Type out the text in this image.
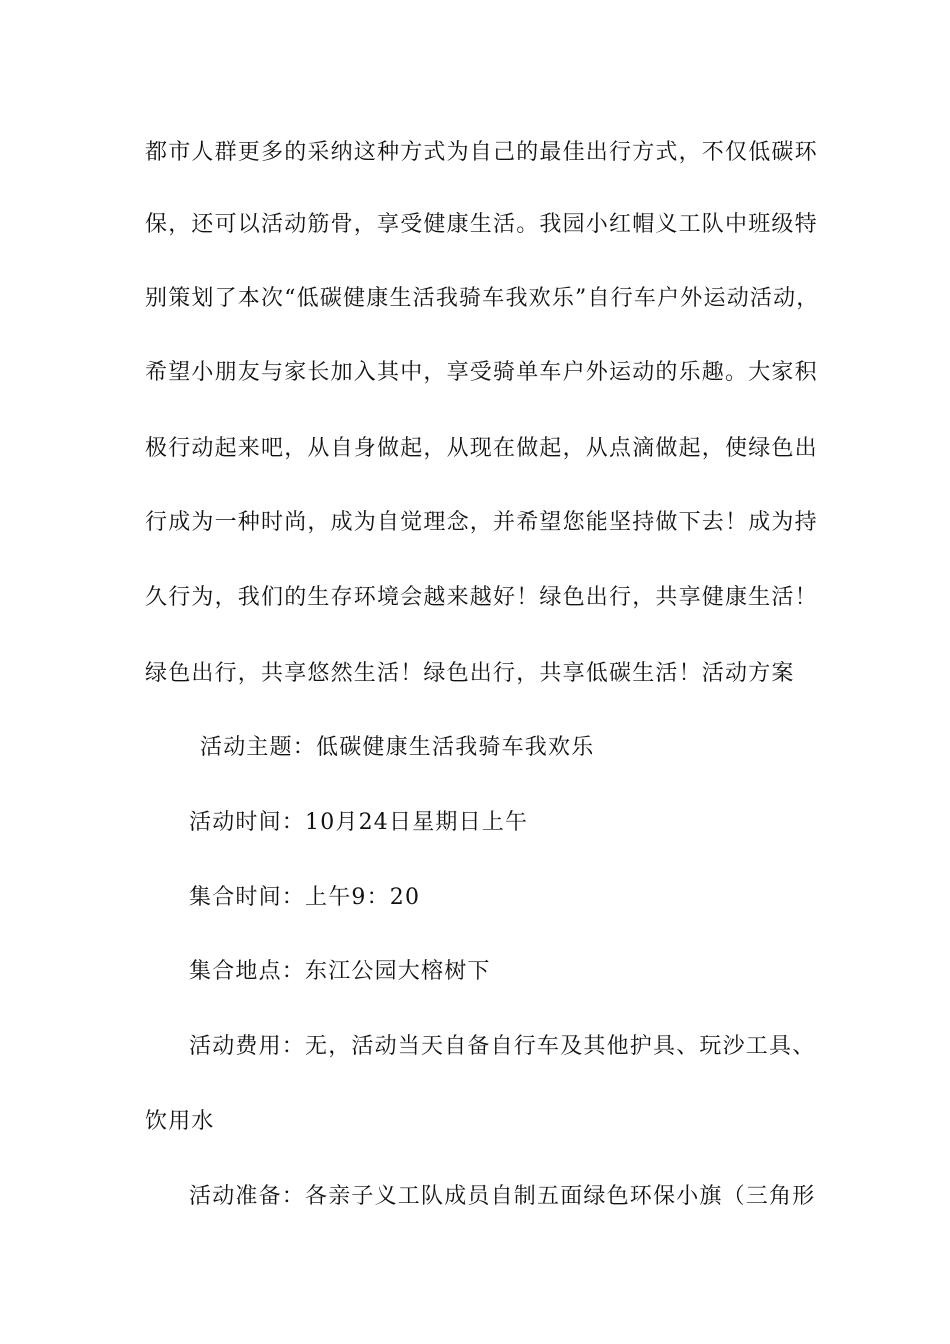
都市人群更多的采纳这种方式为自己的最佳出行方式，不仅低碳环
保，还可以活动筋骨，享受健康生活。我园小红帽义工队中班级特
别策划了本次“低碳健康生活我骑车我欢乐”自行车户外运动活动，
希望小朋友与家长加入其中，享受骑单车户外运动的乐趣。大家积
极行动起来吧，从自身做起，从现在做起，从点滴做起，使绿色出
行成为一种时尚，成为自觉理念，并希望您能坚持做下去！成为持
久行为，我们的生存环境会越来越好！绿色出行，共享健康生活！
绿色出行，共享悠然生活！绿色出行，共享低碳生活！活动方案
活动主题：低碳健康生活我骑车我欢乐
活动时间：10月24日星期日上午
集合时间：上午9：20
集合地点：东江公园大榕树下
活动费用：无，活动当天自备自行车及其他护具、玩沙工具、
饮用水
活动准备：各亲子义工队成员自制五面绿色环保小旗（三角形
